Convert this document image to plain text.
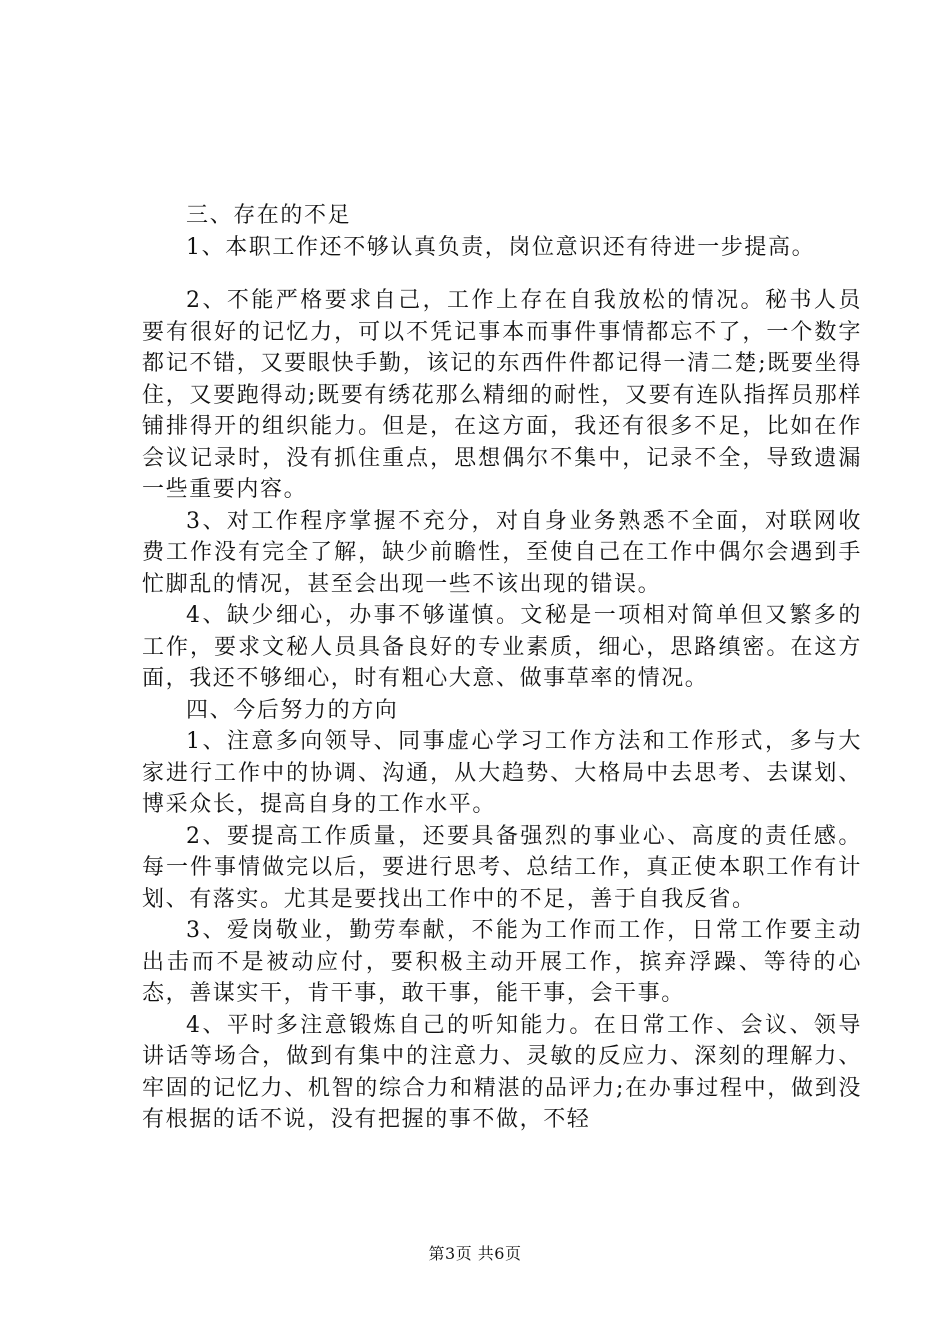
三、存在的不足

1、本职工作还不够认真负责，岗位意识还有待进一步提高。

2、不能严格要求自己，工作上存在自我放松的情况。秘书人员要有很好的记忆力，可以不凭记事本而事件事情都忘不了，一个数字都记不错，又要眼快手勤，该记的东西件件都记得一清二楚;既要坐得住，又要跑得动;既要有绣花那么精细的耐性，又要有连队指挥员那样铺排得开的组织能力。但是，在这方面，我还有很多不足，比如在作会议记录时，没有抓住重点，思想偶尔不集中，记录不全，导致遗漏一些重要内容。

3、对工作程序掌握不充分，对自身业务熟悉不全面，对联网收费工作没有完全了解，缺少前瞻性，至使自己在工作中偶尔会遇到手忙脚乱的情况，甚至会出现一些不该出现的错误。

4、缺少细心，办事不够谨慎。文秘是一项相对简单但又繁多的工作，要求文秘人员具备良好的专业素质，细心，思路缜密。在这方面，我还不够细心，时有粗心大意、做事草率的情况。

四、今后努力的方向

1、注意多向领导、同事虚心学习工作方法和工作形式，多与大家进行工作中的协调、沟通，从大趋势、大格局中去思考、去谋划、博采众长，提高自身的工作水平。

2、要提高工作质量，还要具备强烈的事业心、高度的责任感。每一件事情做完以后，要进行思考、总结工作，真正使本职工作有计划、有落实。尤其是要找出工作中的不足，善于自我反省。

3、爱岗敬业，勤劳奉献，不能为工作而工作，日常工作要主动出击而不是被动应付，要积极主动开展工作，摈弃浮躁、等待的心态，善谋实干，肯干事，敢干事，能干事，会干事。

4、平时多注意锻炼自己的听知能力。在日常工作、会议、领导讲话等场合，做到有集中的注意力、灵敏的反应力、深刻的理解力、牢固的记忆力、机智的综合力和精湛的品评力;在办事过程中，做到没有根据的话不说，没有把握的事不做，不轻

第3页 共6页
